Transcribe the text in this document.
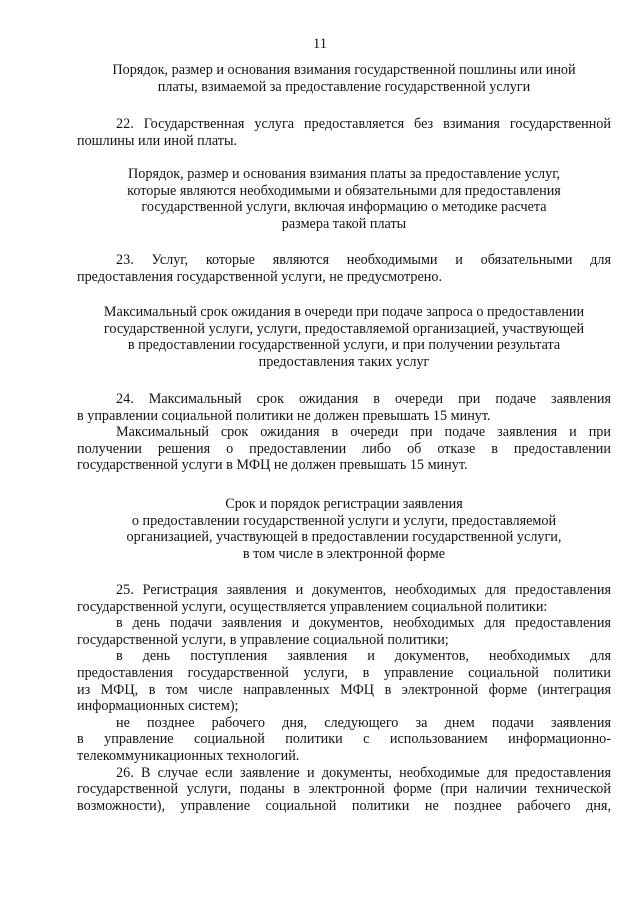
11

Порядок, размер и основания взимания государственной пошлины или иной

платы, взимаемой за предоставление государственной услуги

22. Государственная услуга предоставляется без взимания государственной

пошлины или иной платы.

Порядок, размер и основания взимания платы за предоставление услуг,

которые являются необходимыми и обязательными для предоставления

государственной услуги, включая информацию о методике расчета

размера такой платы

23. Услуг, которые являются необходимыми и обязательными для

предоставления государственной услуги, не предусмотрено.

Максимальный срок ожидания в очереди при подаче запроса о предоставлении

государственной услуги, услуги, предоставляемой организацией, участвующей

в предоставлении государственной услуги, и при получении результата

предоставления таких услуг

24. Максимальный срок ожидания в очереди при подаче заявления

в управлении социальной политики не должен превышать 15 минут.

Максимальный срок ожидания в очереди при подаче заявления и при

получении решения о предоставлении либо об отказе в предоставлении

государственной услуги в МФЦ не должен превышать 15 минут.

Срок и порядок регистрации заявления

о предоставлении государственной услуги и услуги, предоставляемой

организацией, участвующей в предоставлении государственной услуги,

в том числе в электронной форме

25. Регистрация заявления и документов, необходимых для предоставления

государственной услуги, осуществляется управлением социальной политики:

в день подачи заявления и документов, необходимых для предоставления

государственной услуги, в управление социальной политики;

в день поступления заявления и документов, необходимых для

предоставления государственной услуги, в управление социальной политики

из МФЦ, в том числе направленных МФЦ в электронной форме (интеграция

информационных систем);

не позднее рабочего дня, следующего за днем подачи заявления

в управление социальной политики с использованием информационно-

телекоммуникационных технологий.

26. В случае если заявление и документы, необходимые для предоставления

государственной услуги, поданы в электронной форме (при наличии технической

возможности), управление социальной политики не позднее рабочего дня,
